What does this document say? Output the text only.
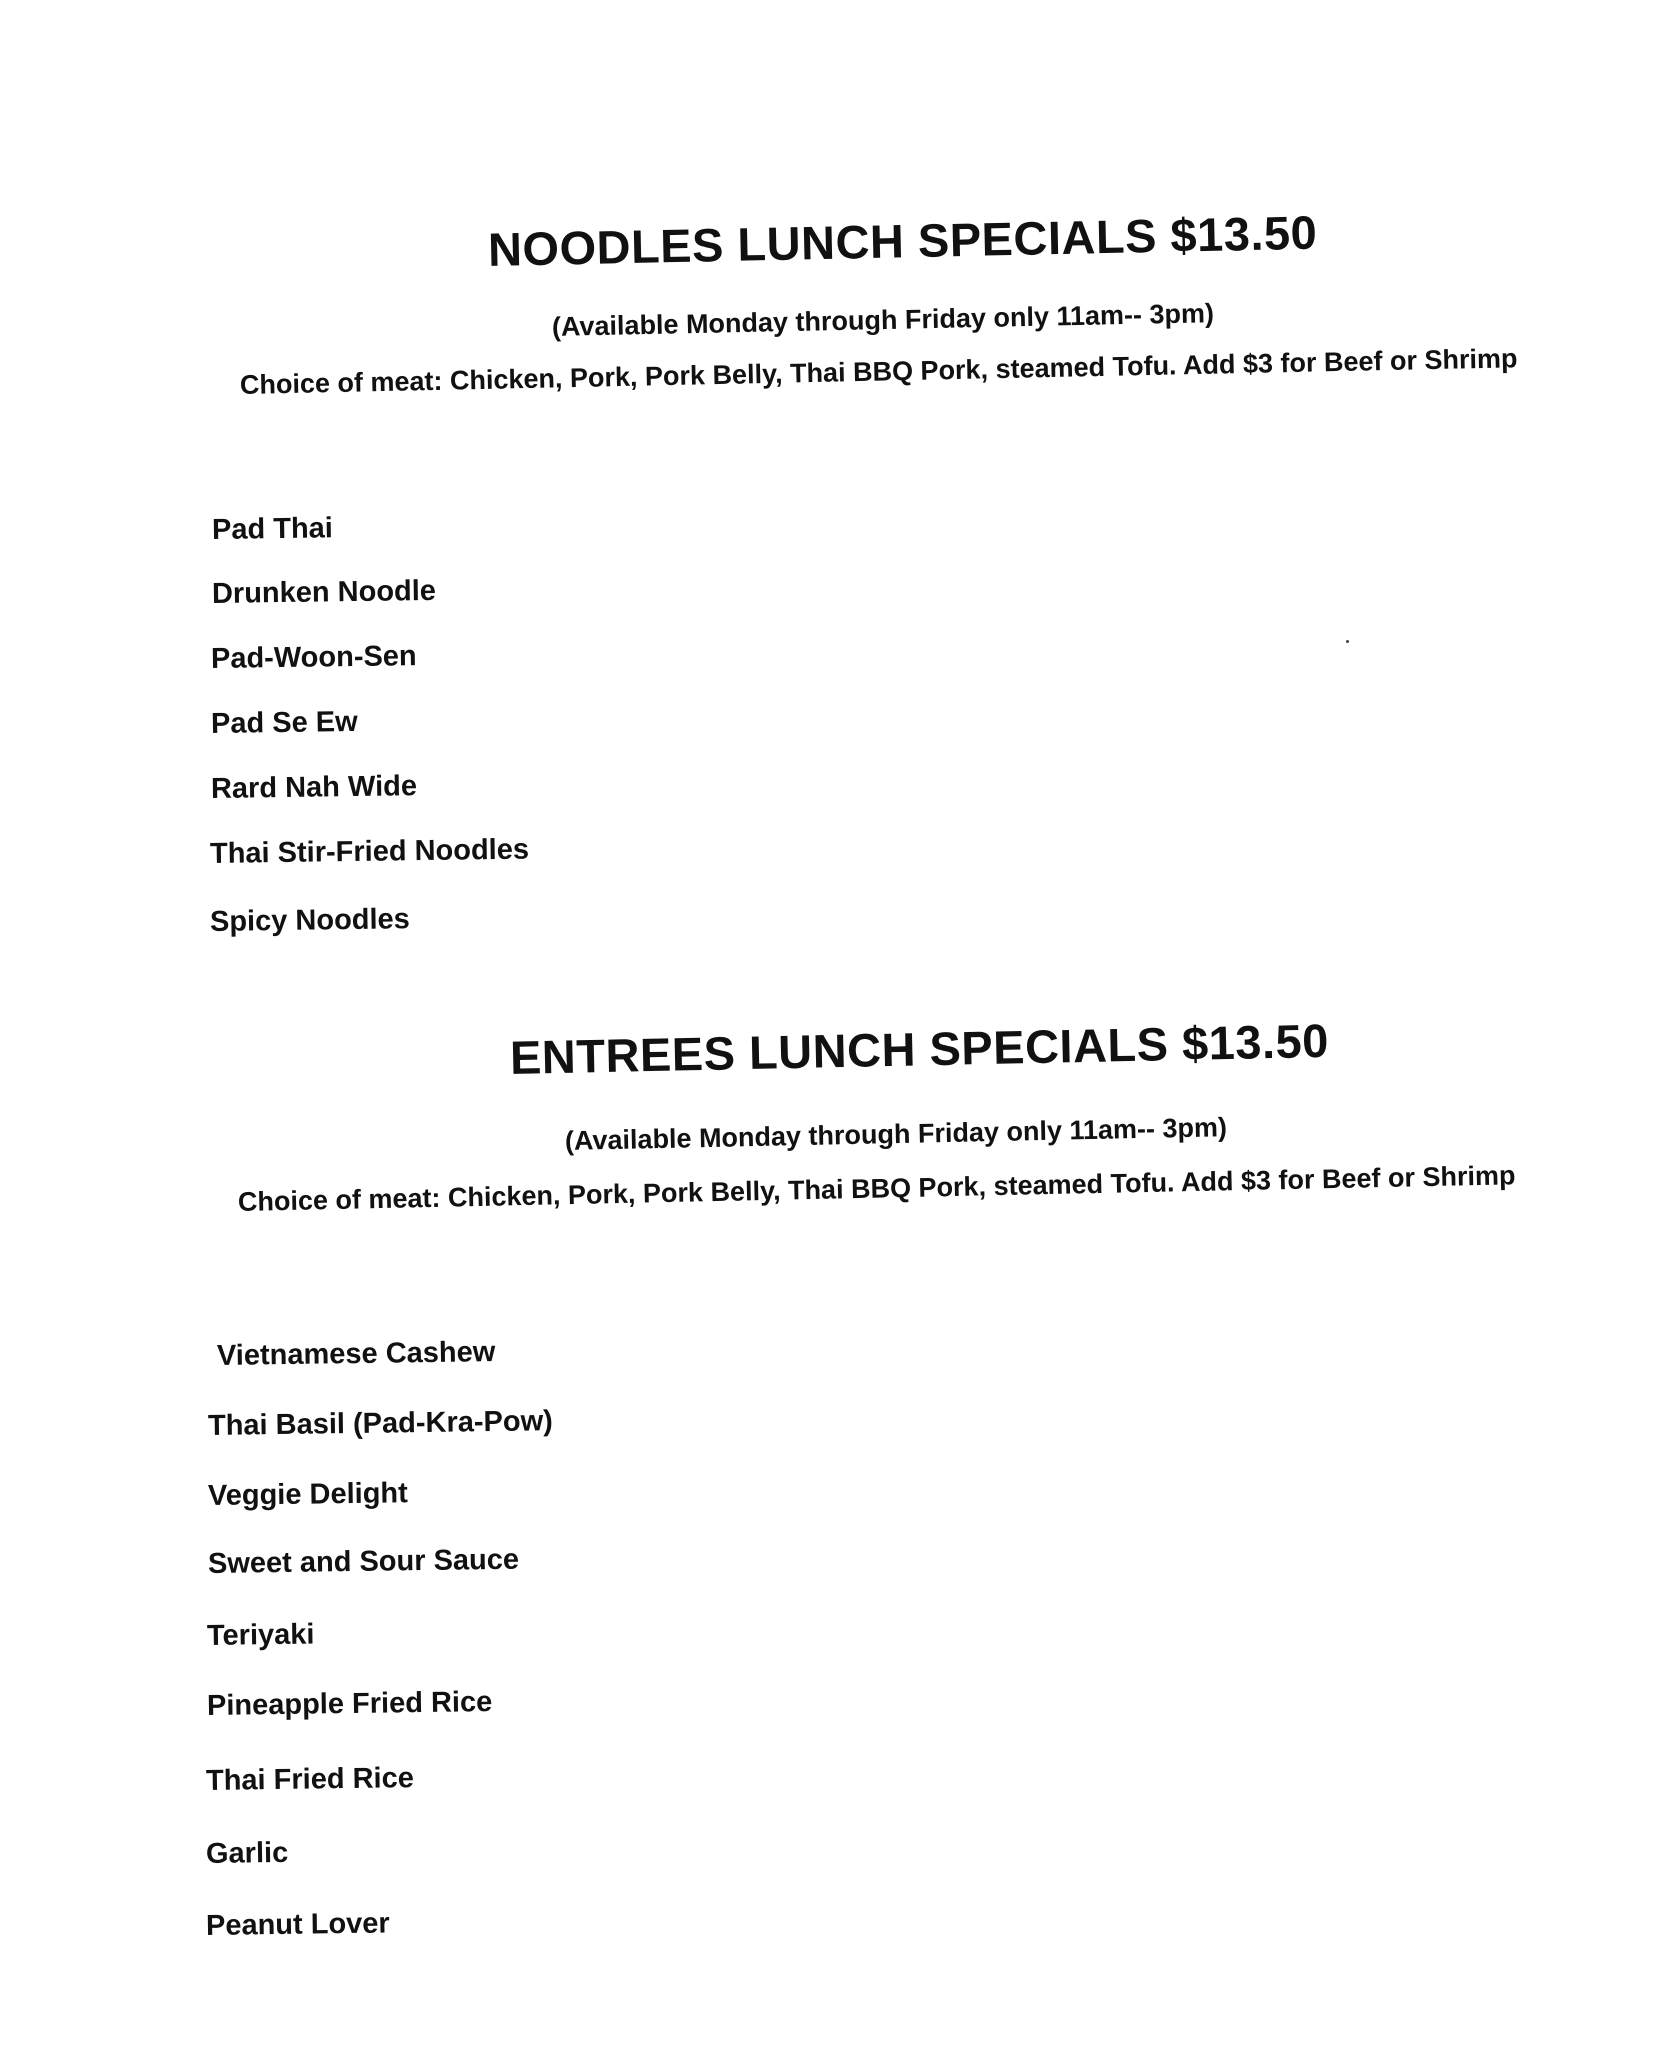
NOODLES LUNCH SPECIALS $13.50
(Available Monday through Friday only 11am-- 3pm)
Choice of meat: Chicken, Pork, Pork Belly, Thai BBQ Pork, steamed Tofu. Add $3 for Beef or Shrimp
Pad Thai
Drunken Noodle
Pad-Woon-Sen
Pad Se Ew
Rard Nah Wide
Thai Stir-Fried Noodles
Spicy Noodles
ENTREES LUNCH SPECIALS $13.50
(Available Monday through Friday only 11am-- 3pm)
Choice of meat: Chicken, Pork, Pork Belly, Thai BBQ Pork, steamed Tofu. Add $3 for Beef or Shrimp
Vietnamese Cashew
Thai Basil (Pad-Kra-Pow)
Veggie Delight
Sweet and Sour Sauce
Teriyaki
Pineapple Fried Rice
Thai Fried Rice
Garlic
Peanut Lover
